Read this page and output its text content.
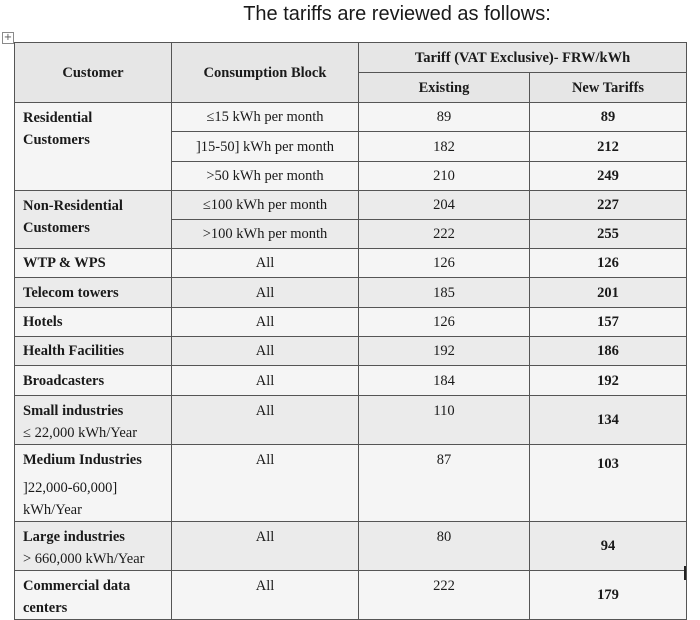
The tariffs are reviewed as follows:
+
Customer	Consumption Block	Tariff (VAT Exclusive)- FRW/kWh	
		Existing	New Tariffs

Residential
Customers	≤15 kWh per month	89	89
	]15-50] kWh per month	182	212
	>50 kWh per month	210	249

Non-Residential
Customers	≤100 kWh per month	204	227
	>100 kWh per month	222	255
WTP & WPS	All	126	126
Telecom towers	All	185	201
Hotels	All	126	157
Health Facilities	All	192	186
Broadcasters	All	184	192

Small industries
≤ 22,000 kWh/Year	All	110	134

Medium Industries
]22,000-60,000]
kWh/Year	All	87	103

Large industries
> 660,000 kWh/Year	All	80	94

Commercial data
centers	All	222	179
